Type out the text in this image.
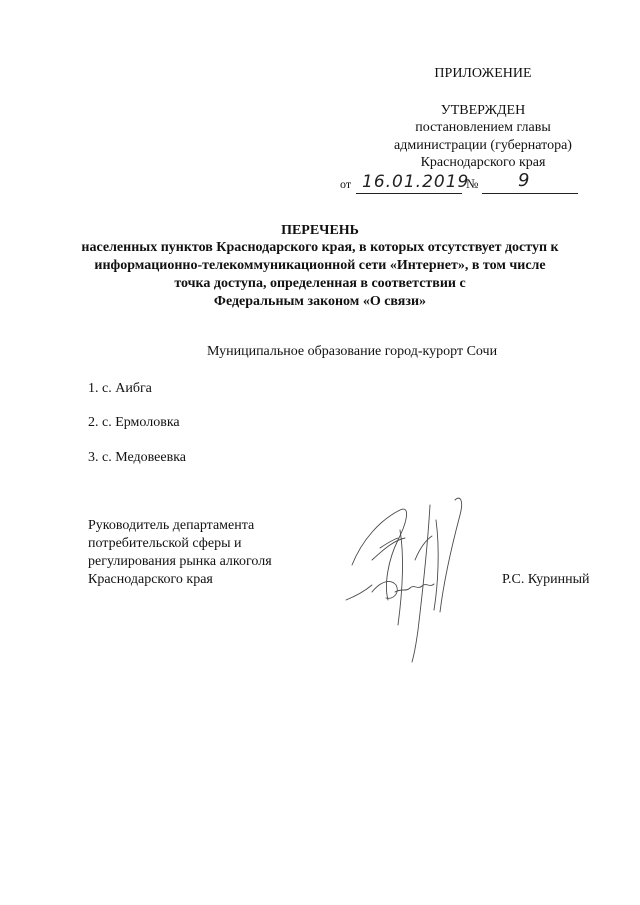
ПРИЛОЖЕНИЕ
УТВЕРЖДЕН
постановлением главы
администрации (губернатора)
Краснодарского края
от 16.01.2019
№ 9
ПЕРЕЧЕНЬ
населенных пунктов Краснодарского края, в которых отсутствует доступ к
информационно-телекоммуникационной сети «Интернет», в том числе
точка доступа, определенная в соответствии с
Федеральным законом «О связи»
Муниципальное образование город-курорт Сочи
1. с. Аибга
2. с. Ермоловка
3. с. Медовеевка
Руководитель департамента
потребительской сферы и
регулирования рынка алкоголя
Краснодарского края	Р.С. Куринный
